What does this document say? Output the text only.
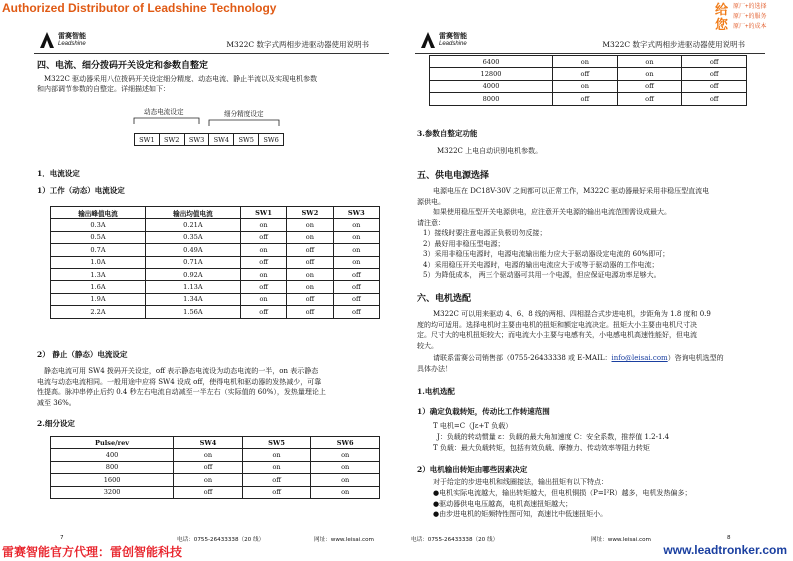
Authorized Distributor of Leadshine Technology	给您
原厂+的选择
原厂+的服务
原厂+的成本
雷赛智能
Leadshine	M322C 数字式两相步进驱动器使用说明书
四、电流、细分拨码开关设定和参数自整定
M322C 驱动器采用八位拨码开关设定细分精度、动态电流、静止半流以及实现电机参数
和内部调节参数的自整定。详细描述如下：
动态电流设定	细分精度设定
SW1	SW2	SW3	SW4	SW5	SW6
1．电流设定
1）工作（动态）电流设定
输出峰值电流	输出均值电流	SW1	SW2	SW3
0.3A	0.21A	on	on	on
0.5A	0.35A	off	on	on
0.7A	0.49A	on	off	on
1.0A	0.71A	off	off	on
1.3A	0.92A	on	on	off
1.6A	1.13A	off	on	off
1.9A	1.34A	on	off	off
2.2A	1.56A	off	off	off
2） 静止（静态）电流设定
静态电流可用 SW4 拨码开关设定，off 表示静态电流设为动态电流的一半，on 表示静态
电流与动态电流相同。一般用途中应将 SW4 设成 off，使得电机和驱动器的发热减少，可靠
性提高。脉冲串停止后约 0.4 秒左右电流自动减至一半左右（实际值的 60%），发热量理论上
减至 36%。
2.细分设定
Pulse/rev	SW4	SW5	SW6
400	on	on	on
800	off	on	on
1600	on	off	on
3200	off	off	on
7	电话：0755-26433338（20 线）	网址：www.leisai.com
雷赛智能
Leadshine	M322C 数字式两相步进驱动器使用说明书
6400	on	on	off
12800	off	on	off
4000	on	off	off
8000	off	off	off
3.参数自整定功能
M322C 上电自动识别电机参数。
五、供电电源选择
电源电压在 DC18V-30V 之间都可以正常工作，M322C 驱动器最好采用非稳压型直流电
源供电。
如果使用稳压型开关电源供电，应注意开关电源的输出电流范围需设成最大。
请注意：
1）接线时要注意电源正负极切勿反接；
2）最好用非稳压型电源；
3）采用非稳压电源时，电源电流输出能力应大于驱动器设定电流的 60%即可；
4）采用稳压开关电源时，电源的输出电流应大于或等于驱动器的工作电流；
5）为降低成本， 两三个驱动器可共用一个电源，但应保证电源功率足够大。
六、电机选配
M322C 可以用来驱动 4、6、8 线的两相、四相混合式步进电机，步距角为 1.8 度和 0.9
度的均可适用。选择电机时主要由电机的扭矩和额定电流决定。扭矩大小主要由电机尺寸决
定。尺寸大的电机扭矩较大；而电流大小主要与电感有关，小电感电机高速性能好，但电流
较大。
请联系雷赛公司销售部（0755-26433338 或 E-MAIL：info@leisai.com）咨询电机选型的
具体办法！
1.电机选配
1）确定负载转矩，传动比工作转速范围
T 电机=C（Jε+T 负载）
J：负载的转动惯量 ε：负载的最大角加速度 C：安全系数，推荐值 1.2-1.4
T 负载：最大负载转矩，包括有效负载、摩擦力、传动效率等阻力转矩
2）电机输出转矩由哪些因素决定
对于给定的步进电机和线圈接法，输出扭矩有以下特点：
●电机实际电流越大，输出转矩越大，但电机铜损（P=I²R）越多，电机发热偏多；
●驱动器供电电压越高，电机高速扭矩越大；
●由步进电机的矩频特性图可知，高速比中低速扭矩小。
电话：0755-26433338（20 线）	网址：www.leisai.com	8
雷赛智能官方代理：雷创智能科技	www.leadtronker.com
